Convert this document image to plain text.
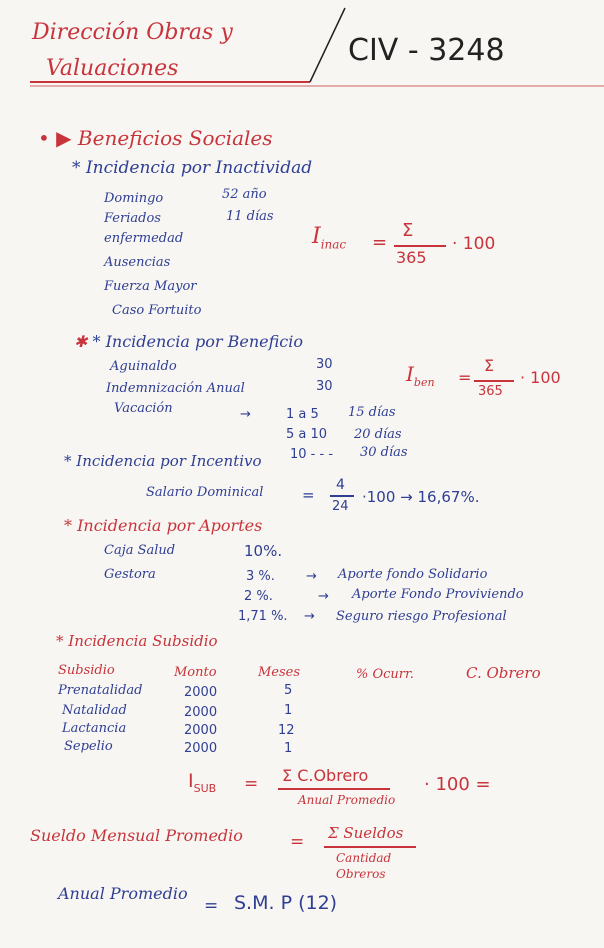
Dirección Obras y
Valuaciones
CIV - 3248
• ▶ Beneficios Sociales
* Incidencia por Inactividad
Domingo	52 año
Feriados	11 días
enfermedad
Ausencias
Fuerza Mayor
Caso Fortuito
$I_{inac}$ =
Σ
365
· 100
✱ * Incidencia por Beneficio
Aguinaldo	30
Indemnización Anual	30
Vacación	→	1 a 5 15 días
5 a 10 20 días
10 - - - 30 días
$I_{ben}$ =
Σ
365
· 100
* Incidencia por Incentivo
Salario Dominical	=
4
24
·100 → 16,67%.
* Incidencia por Aportes
Caja Salud	10%.
Gestora	3 %. → Aporte fondo Solidario
2 %.	→ Aporte Fondo Proviviendo
1,71 %. → Seguro riesgo Profesional
* Incidencia Subsidio
Subsidio	Monto	Meses	% Ocurr.	C. Obrero
Prenatalidad	2000	5
Natalidad	2000	1
Lactancia	2000	12
Sepelio	2000	1
$I_{SUB} = \Sigma$ C.Obrero
Anual Promedio
· 100 =
Sueldo Mensual Promedio	= Σ Sueldos
Cantidad
Obreros
Anual Promedio
= S.M. P (12)
